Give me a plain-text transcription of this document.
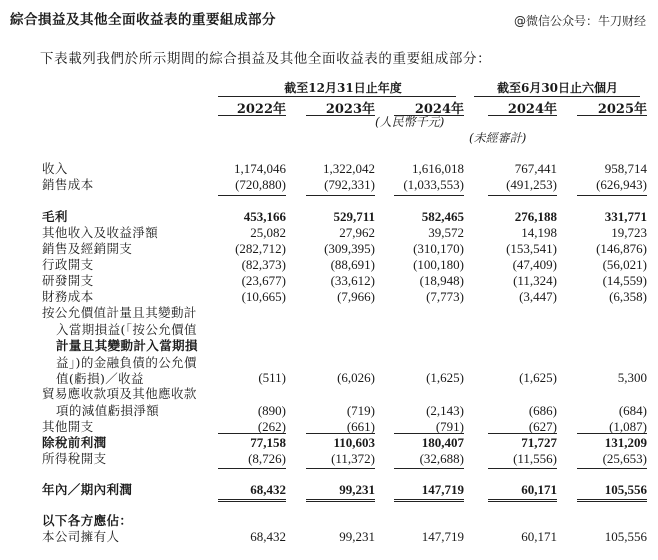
綜合損益及其他全面收益表的重要組成部分	@微信公众号：牛刀财经
下表載列我們於所示期間的綜合損益及其他全面收益表的重要組成部分：
截至12月31日止年度	截至6月30日止六個月
2022年	2023年	2024年	2024年	2025年
(人民幣千元)
(未經審計)
收入	1,174,046	1,322,042	1,616,018	767,441	958,714
銷售成本	(720,880)	(792,331)	(1,033,553)	(491,253)	(626,943)
毛利	453,166	529,711	582,465	276,188	331,771
其他收入及收益淨額	25,082	27,962	39,572	14,198	19,723
銷售及經銷開支	(282,712)	(309,395)	(310,170)	(153,541)	(146,876)
行政開支	(82,373)	(88,691)	(100,180)	(47,409)	(56,021)
研發開支	(23,677)	(33,612)	(18,948)	(11,324)	(14,559)
財務成本	(10,665)	(7,966)	(7,773)	(3,447)	(6,358)
按公允價值計量且其變動計
入當期損益(「按公允價值
計量且其變動計入當期損
益」)的金融負債的公允價
值(虧損)／收益	(511)	(6,026)	(1,625)	(1,625)	5,300
貿易應收款項及其他應收款
項的減值虧損淨額	(890)	(719)	(2,143)	(686)	(684)
其他開支	(262)	(661)	(791)	(627)	(1,087)
除稅前利潤	77,158	110,603	180,407	71,727	131,209
所得稅開支	(8,726)	(11,372)	(32,688)	(11,556)	(25,653)
年內／期內利潤	68,432	99,231	147,719	60,171	105,556
以下各方應佔：
本公司擁有人	68,432	99,231	147,719	60,171	105,556
